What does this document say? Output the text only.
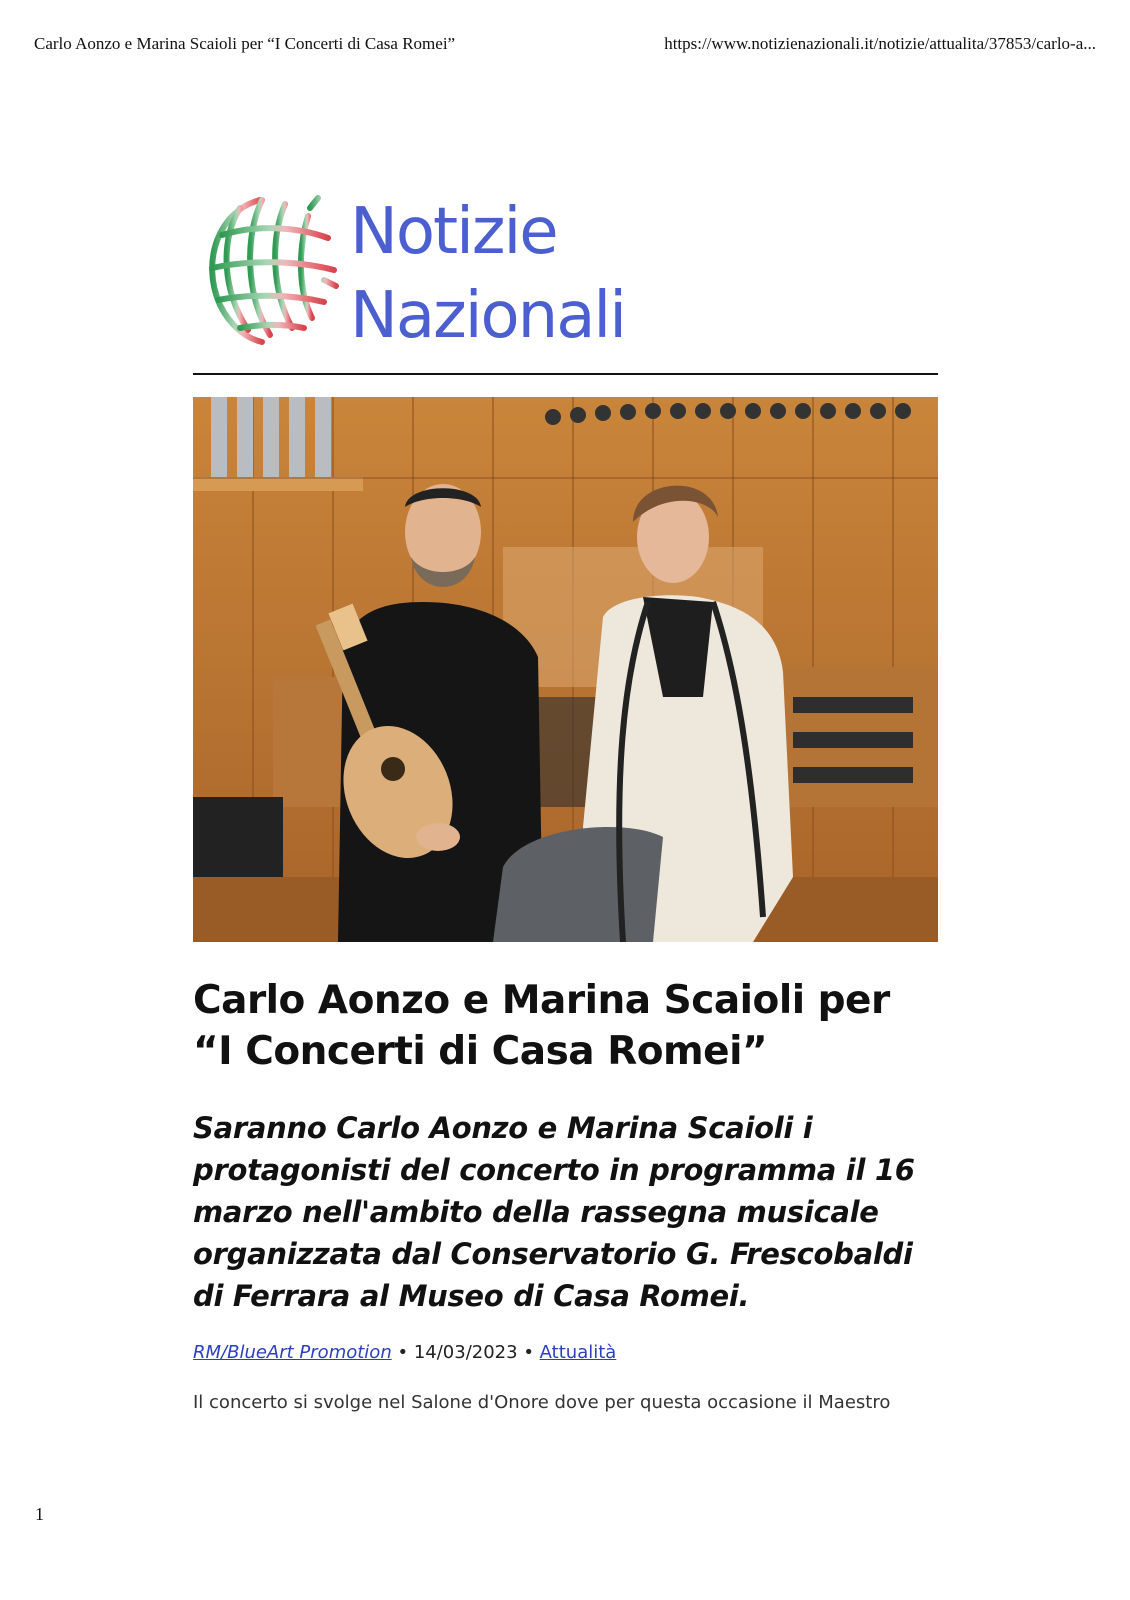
Carlo Aonzo e Marina Scaioli per “I Concerti di Casa Romei”	https://www.notizienazionali.it/notizie/attualita/37853/carlo-a...
Notizie
Nazionali
Carlo Aonzo e Marina Scaioli per “I Concerti di Casa Romei”

Saranno Carlo Aonzo e Marina Scaioli i protagonisti del concerto in programma il 16 marzo nell'ambito della rassegna musicale organizzata dal Conservatorio G. Frescobaldi di Ferrara al Museo di Casa Romei.

RM/BlueArt Promotion • 14/03/2023 • Attualità

Il concerto si svolge nel Salone d'Onore dove per questa occasione il Maestro

1
